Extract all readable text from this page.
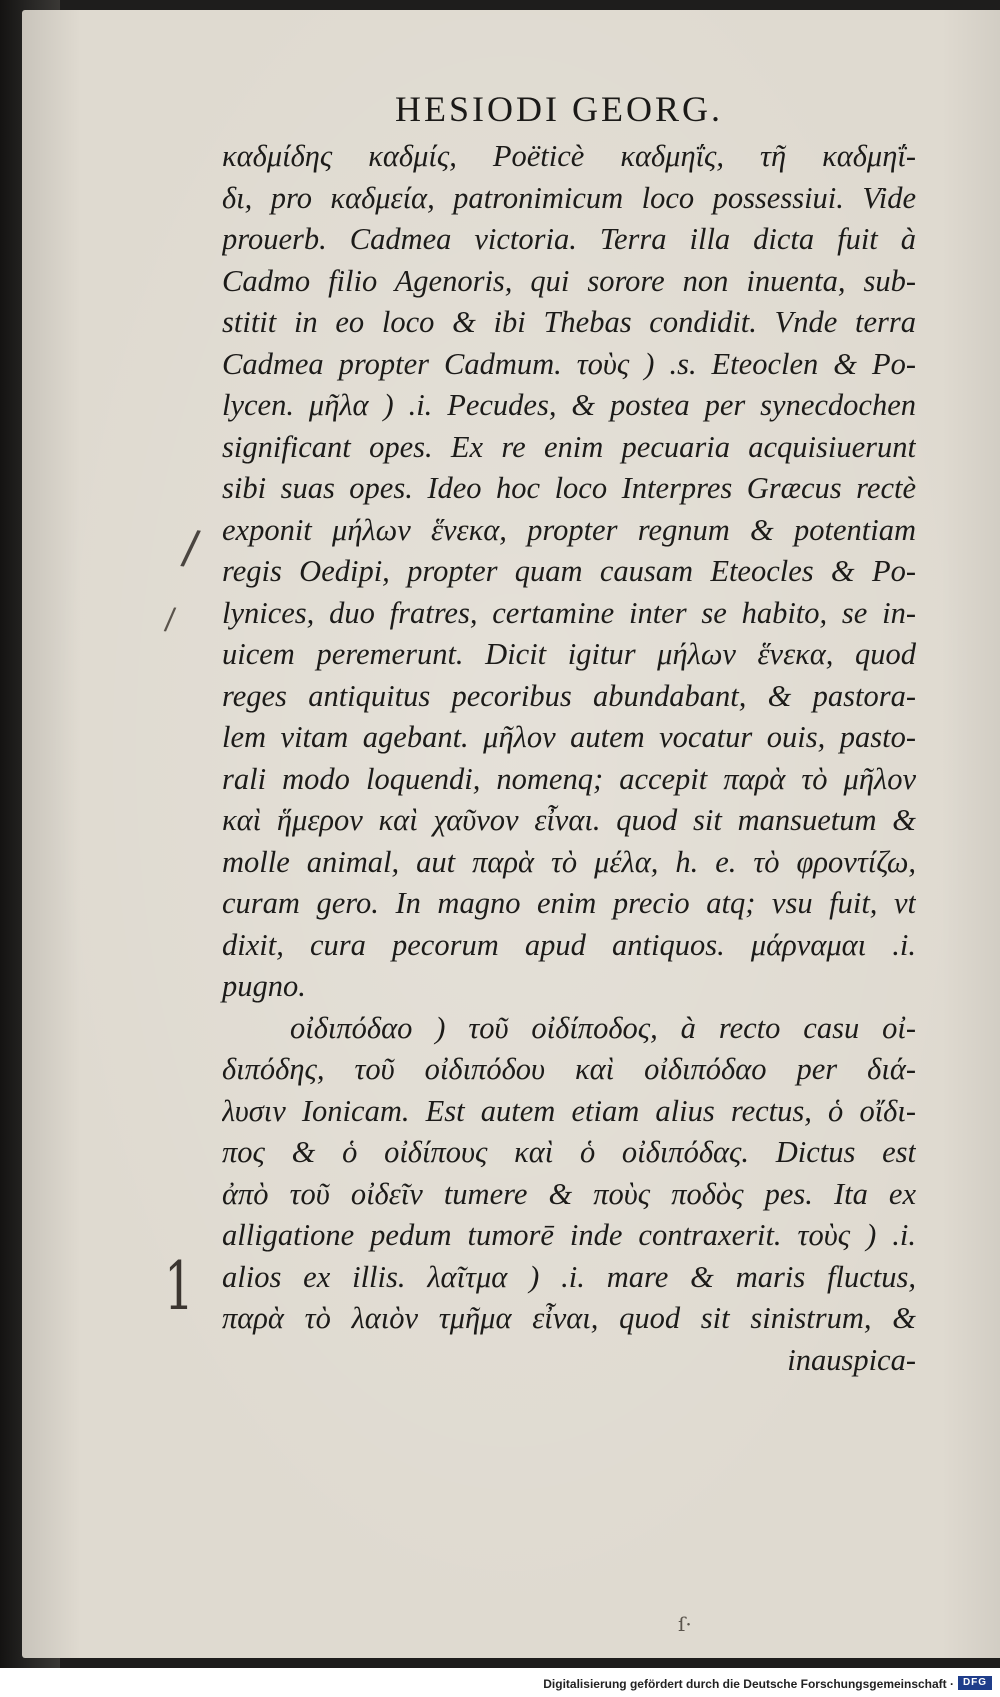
HESIODI GEORG.
καδμίδης καδμίς, Poëticè καδμηΐς, τῆ καδμηΐ-
δι, pro καδμεία, patronimicum loco possessiui. Vide
prouerb. Cadmea victoria. Terra illa dicta fuit à
Cadmo filio Agenoris, qui sorore non inuenta, sub-
stitit in eo loco & ibi Thebas condidit. Vnde terra
Cadmea propter Cadmum. τοὺς ) .s. Eteoclen & Po-
lycen. μῆλα ) .i. Pecudes, & postea per synecdochen
significant opes. Ex re enim pecuaria acquisiuerunt
sibi suas opes. Ideo hoc loco Interpres Græcus rectè
exponit μήλων ἕνεκα, propter regnum & potentiam
regis Oedipi, propter quam causam Eteocles & Po-
lynices, duo fratres, certamine inter se habito, se in-
uicem peremerunt. Dicit igitur μήλων ἕνεκα, quod
reges antiquitus pecoribus abundabant, & pastora-
lem vitam agebant. μῆλον autem vocatur ouis, pasto-
rali modo loquendi, nomenq; accepit παρὰ τὸ μῆλον
καὶ ἥμερον καὶ χαῦνον εἶναι. quod sit mansuetum &
molle animal, aut παρὰ τὸ μέλα, h. e. τὸ φροντίζω,
curam gero. In magno enim precio atq; vsu fuit, vt
dixit, cura pecorum apud antiquos. μάρναμαι .i.
pugno.
οἰδιπόδαο ) τοῦ οἰδίποδος, à recto casu οἰ-
διπόδης, τοῦ οἰδιπόδου καὶ οἰδιπόδαο per διά-
λυσιν Ionicam. Est autem etiam alius rectus, ὁ οἴδι-
πος & ὁ οἰδίπους καὶ ὁ οἰδιπόδας. Dictus est
ἀπὸ τοῦ οἰδεῖν tumere & ποὺς ποδὸς pes. Ita ex
alligatione pedum tumorē inde contraxerit. τοὺς ) .i.
alios ex illis. λαῖτμα ) .i. mare & maris fluctus,
παρὰ τὸ λαιὸν τμῆμα εἶναι, quod sit sinistrum, &
inauspica-
/
/
1
ſ·
Digitalisierung gefördert durch die Deutsche Forschungsgemeinschaft · DFG
